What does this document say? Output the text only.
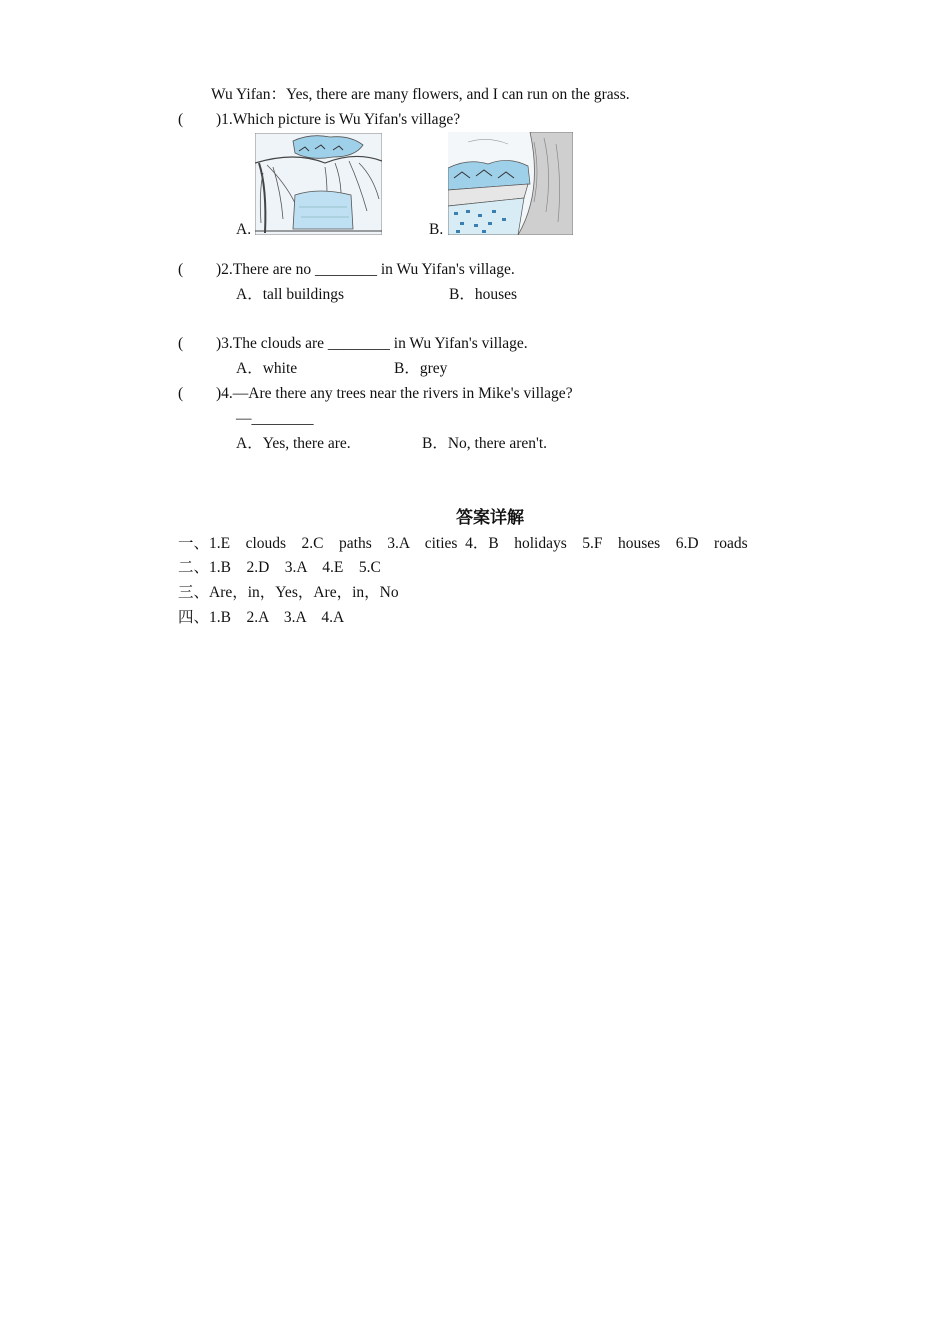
Wu Yifan：Yes, there are many flowers, and I can run on the grass.
( )1.Which picture is Wu Yifan's village?
A.	B.
( )2.There are no ________ in Wu Yifan's village.
A．tall buildings	B．houses
( )3.The clouds are ________ in Wu Yifan's village.
A．white	B．grey
( )4.—Are there any trees near the rivers in Mike's village?
—________
A．Yes, there are.	B．No, there aren't.
答案详解
一、1.E　clouds　2.C　paths　3.A　cities  4．B　holidays　5.F　houses　6.D　roads
二、1.B　2.D　3.A　4.E　5.C
三、Are，in，Yes，Are，in，No
四、1.B　2.A　3.A　4.A
